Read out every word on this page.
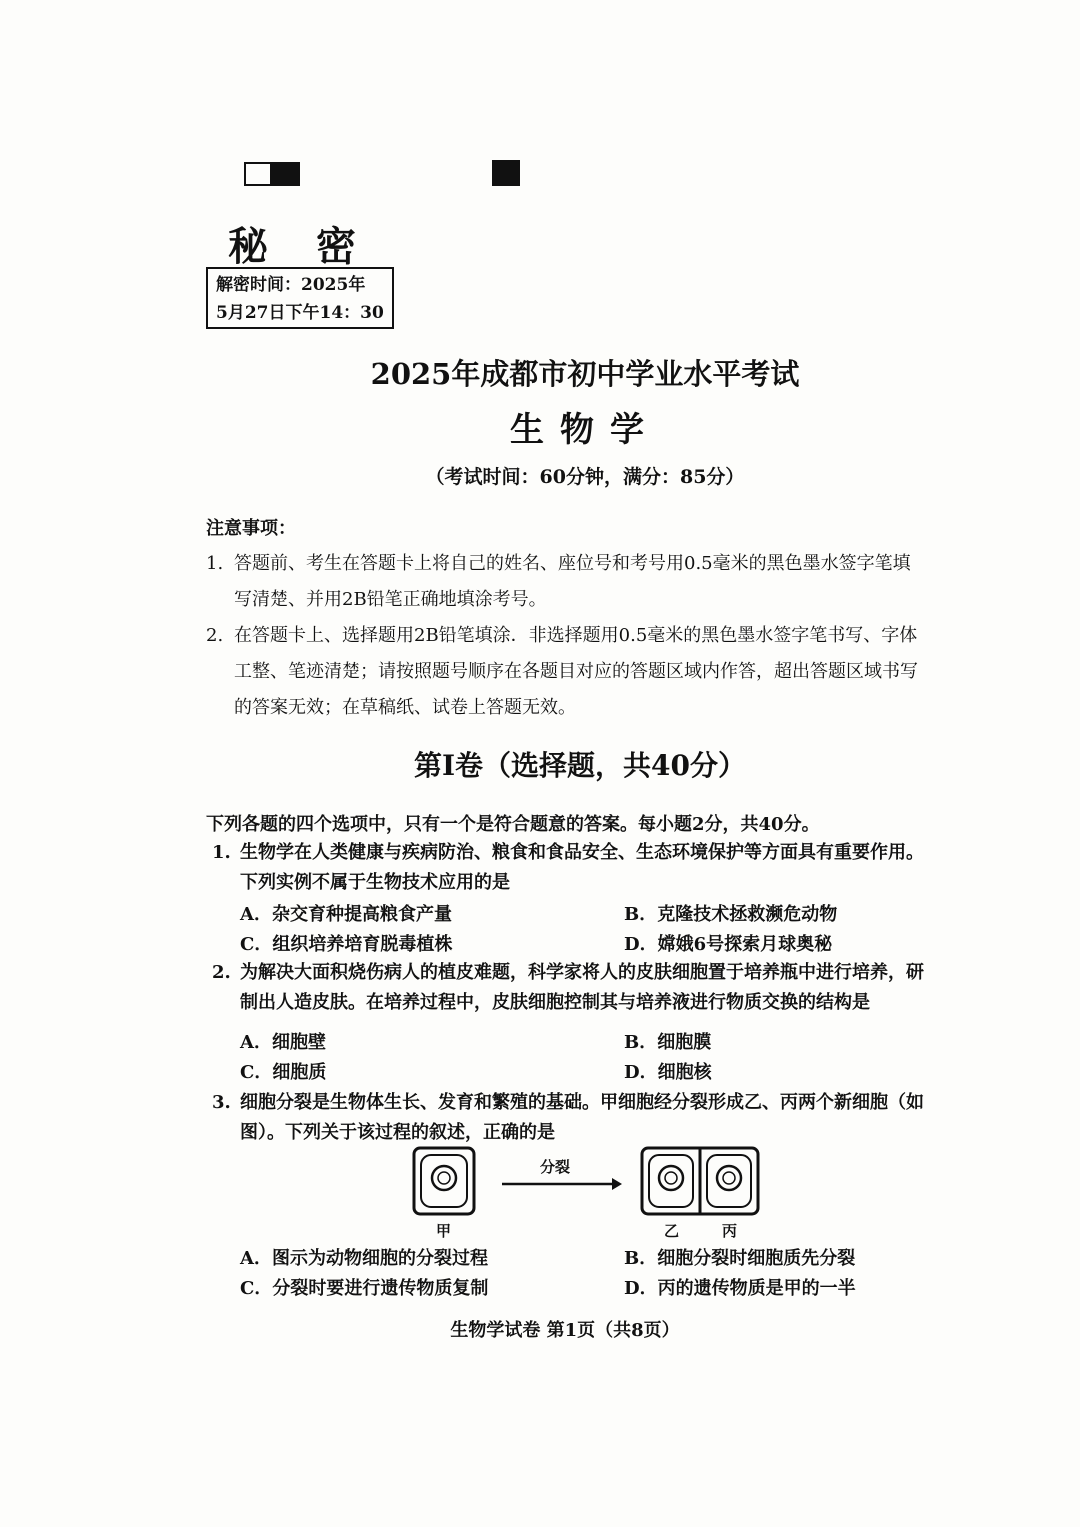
秘密
解密时间：2025年
5月27日下午14：30
2025年成都市初中学业水平考试
生物学
（考试时间：60分钟，满分：85分）
注意事项：
1. 答题前、考生在答题卡上将自己的姓名、座位号和考号用0.5毫米的黑色墨水签字笔填
写清楚、并用2B铅笔正确地填涂考号。
2. 在答题卡上、选择题用2B铅笔填涂．非选择题用0.5毫米的黑色墨水签字笔书写、字体
工整、笔迹清楚；请按照题号顺序在各题目对应的答题区域内作答，超出答题区域书写
的答案无效；在草稿纸、试卷上答题无效。
第Ⅰ卷（选择题，共40分）
下列各题的四个选项中，只有一个是符合题意的答案。每小题2分，共40分。
1. 生物学在人类健康与疾病防治、粮食和食品安全、生态环境保护等方面具有重要作用。
下列实例不属于生物技术应用的是
A．杂交育种提高粮食产量	B．克隆技术拯救濒危动物
C．组织培养培育脱毒植株	D．嫦娥6号探索月球奥秘
2. 为解决大面积烧伤病人的植皮难题，科学家将人的皮肤细胞置于培养瓶中进行培养，研
制出人造皮肤。在培养过程中，皮肤细胞控制其与培养液进行物质交换的结构是
A．细胞壁	B．细胞膜
C．细胞质	D．细胞核
3. 细胞分裂是生物体生长、发育和繁殖的基础。甲细胞经分裂形成乙、丙两个新细胞（如
图）。下列关于该过程的叙述，正确的是
分裂
甲	乙	丙
A．图示为动物细胞的分裂过程	B．细胞分裂时细胞质先分裂
C．分裂时要进行遗传物质复制	D．丙的遗传物质是甲的一半
生物学试卷 第1页（共8页）
